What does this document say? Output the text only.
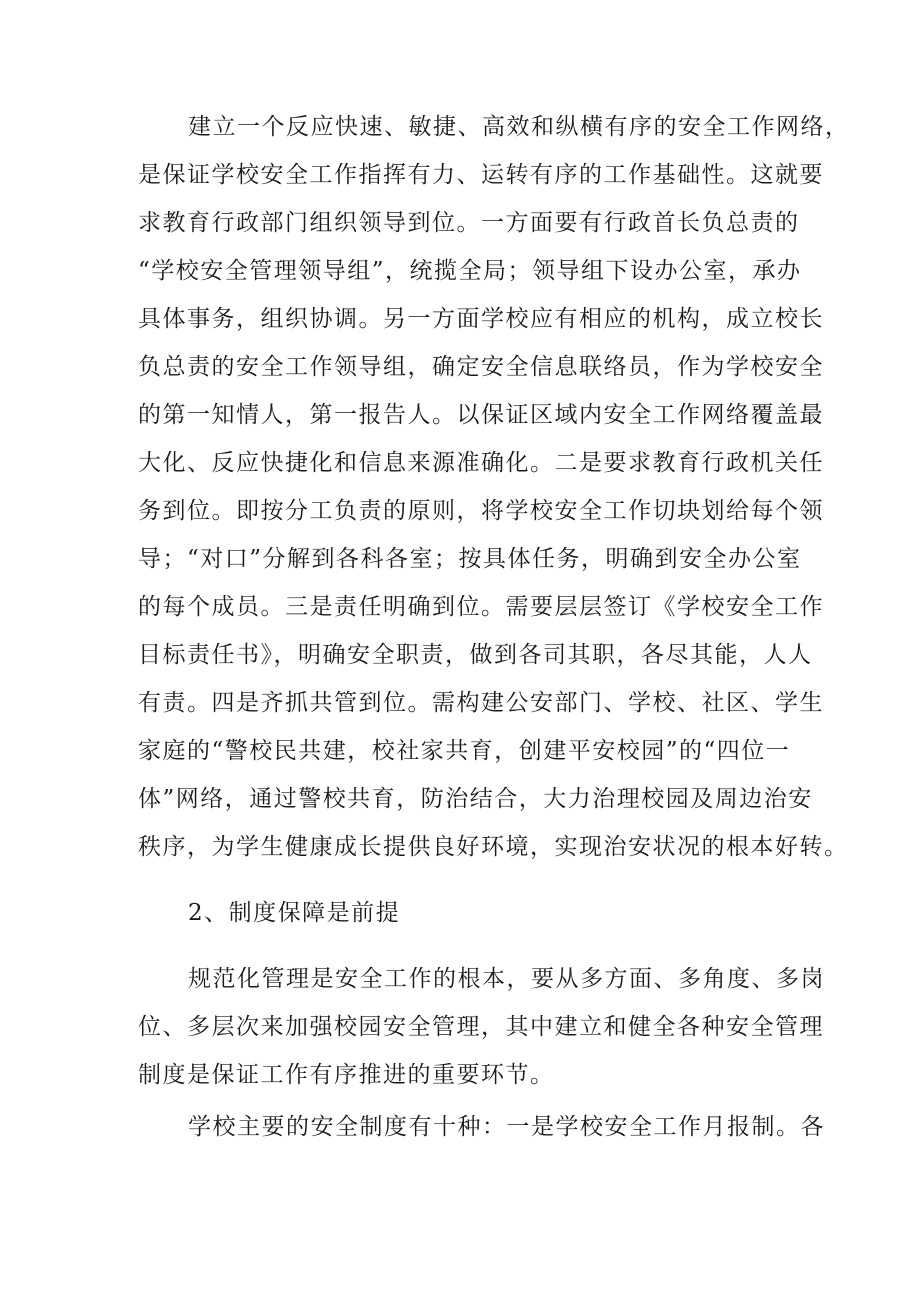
建立一个反应快速、敏捷、高效和纵横有序的安全工作网络，
是保证学校安全工作指挥有力、运转有序的工作基础性。这就要
求教育行政部门组织领导到位。一方面要有行政首长负总责的
“学校安全管理领导组”，统揽全局；领导组下设办公室，承办
具体事务，组织协调。另一方面学校应有相应的机构，成立校长
负总责的安全工作领导组，确定安全信息联络员，作为学校安全
的第一知情人，第一报告人。以保证区域内安全工作网络覆盖最
大化、反应快捷化和信息来源准确化。二是要求教育行政机关任
务到位。即按分工负责的原则，将学校安全工作切块划给每个领
导；“对口”分解到各科各室；按具体任务，明确到安全办公室
的每个成员。三是责任明确到位。需要层层签订《学校安全工作
目标责任书》，明确安全职责，做到各司其职，各尽其能，人人
有责。四是齐抓共管到位。需构建公安部门、学校、社区、学生
家庭的“警校民共建，校社家共育，创建平安校园”的“四位一
体”网络，通过警校共育，防治结合，大力治理校园及周边治安
秩序，为学生健康成长提供良好环境，实现治安状况的根本好转。
2、制度保障是前提
规范化管理是安全工作的根本，要从多方面、多角度、多岗
位、多层次来加强校园安全管理，其中建立和健全各种安全管理
制度是保证工作有序推进的重要环节。
学校主要的安全制度有十种：一是学校安全工作月报制。各
